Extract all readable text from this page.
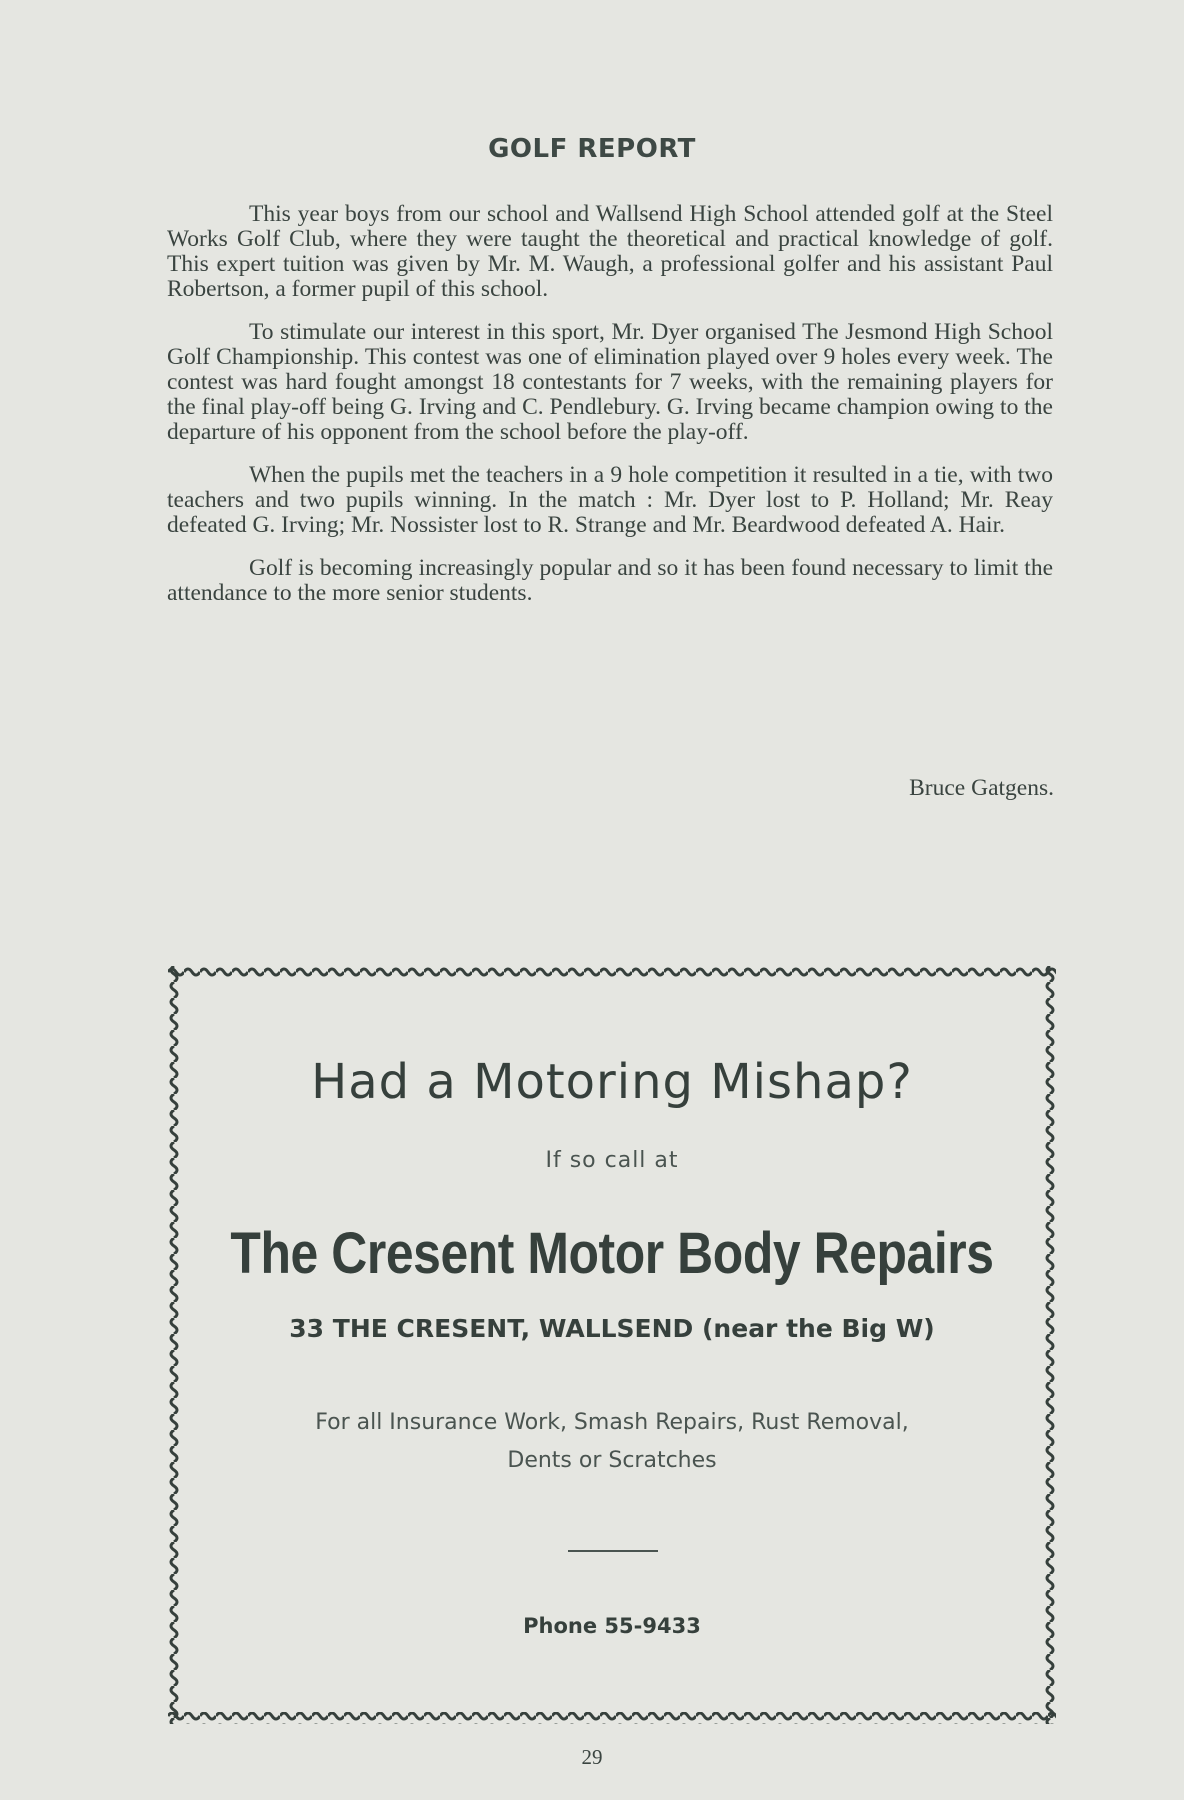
GOLF REPORT

This year boys from our school and Wallsend High School attended golf at the Steel Works Golf Club, where they were taught the theoretical and practical knowledge of golf. This expert tuition was given by Mr. M. Waugh, a professional golfer and his assistant Paul Robertson, a former pupil of this school.

To stimulate our interest in this sport, Mr. Dyer organised The Jesmond High School Golf Championship. This contest was one of elimination played over 9 holes every week. The contest was hard fought amongst 18 contestants for 7 weeks, with the remaining players for the final play-off being G. Irving and C. Pendlebury. G. Irving became champion owing to the departure of his opponent from the school before the play-off.

When the pupils met the teachers in a 9 hole competition it resulted in a tie, with two teachers and two pupils winning. In the match : Mr. Dyer lost to P. Holland; Mr. Reay defeated G. Irving; Mr. Nossister lost to R. Strange and Mr. Beardwood defeated A. Hair.

Golf is becoming increasingly popular and so it has been found necessary to limit the attendance to the more senior students.

Bruce Gatgens.
Had a Motoring Mishap?
If so call at
The Cresent Motor Body Repairs
33 THE CRESENT, WALLSEND (near the Big W)
For all Insurance Work, Smash Repairs, Rust Removal,
Dents or Scratches
Phone 55-9433
29
